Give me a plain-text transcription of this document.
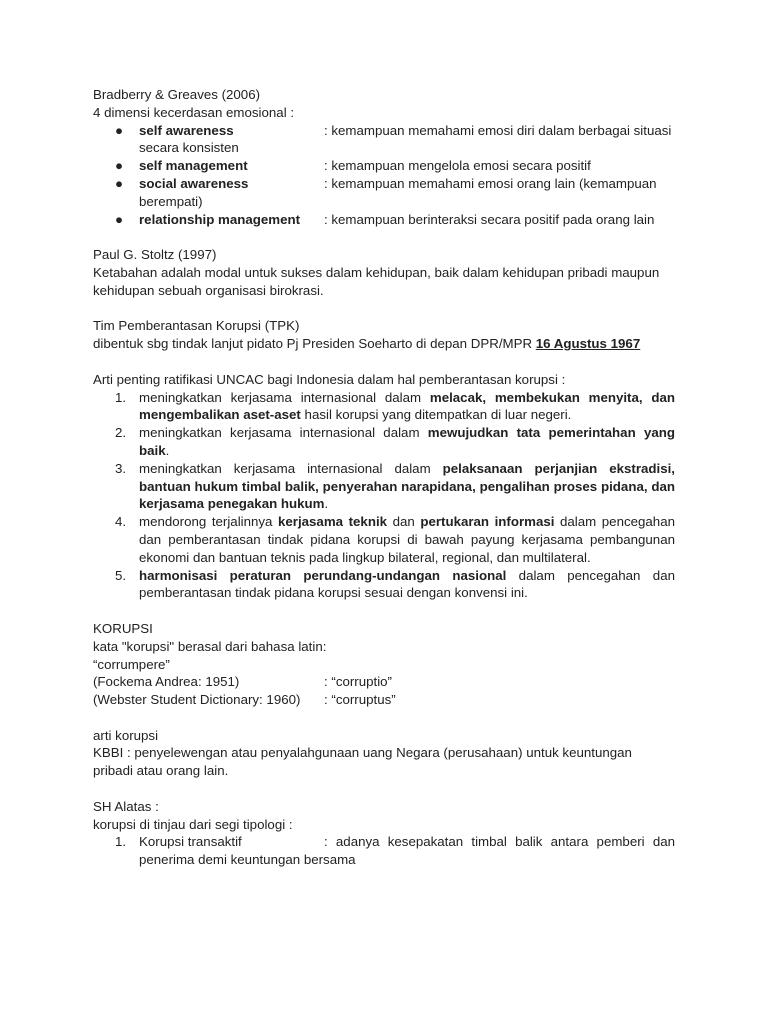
Bradberry & Greaves (2006)

4 dimensi kecerdasan emosional :

● self awareness	: kemampuan memahami emosi diri dalam berbagai situasi secara konsisten
● self management	: kemampuan mengelola emosi secara positif
● social awareness	: kemampuan memahami emosi orang lain (kemampuan berempati)
● relationship management : kemampuan berinteraksi secara positif pada orang lain

Paul G. Stoltz (1997)

Ketabahan adalah modal untuk sukses dalam kehidupan, baik dalam kehidupan pribadi maupun kehidupan sebuah organisasi birokrasi.

Tim Pemberantasan Korupsi (TPK)

dibentuk sbg tindak lanjut pidato Pj Presiden Soeharto di depan DPR/MPR 16 Agustus 1967

Arti penting ratifikasi UNCAC bagi Indonesia dalam hal pemberantasan korupsi :

1. meningkatkan kerjasama internasional dalam melacak, membekukan menyita, dan mengembalikan aset-aset hasil korupsi yang ditempatkan di luar negeri.
2. meningkatkan kerjasama internasional dalam mewujudkan tata pemerintahan yang baik.
3. meningkatkan kerjasama internasional dalam pelaksanaan perjanjian ekstradisi, bantuan hukum timbal balik, penyerahan narapidana, pengalihan proses pidana, dan kerjasama penegakan hukum.
4. mendorong terjalinnya kerjasama teknik dan pertukaran informasi dalam pencegahan dan pemberantasan tindak pidana korupsi di bawah payung kerjasama pembangunan ekonomi dan bantuan teknis pada lingkup bilateral, regional, dan multilateral.
5. harmonisasi peraturan perundang-undangan nasional dalam pencegahan dan pemberantasan tindak pidana korupsi sesuai dengan konvensi ini.

KORUPSI

kata "korupsi" berasal dari bahasa latin:

“corrumpere”

(Fockema Andrea: 1951)	: “corruptio”

(Webster Student Dictionary: 1960) : “corruptus”

arti korupsi

KBBI : penyelewengan atau penyalahgunaan uang Negara (perusahaan) untuk keuntungan pribadi atau orang lain.

SH Alatas :

korupsi di tinjau dari segi tipologi :

1. Korupsi transaktif	: adanya kesepakatan timbal balik antara pemberi dan penerima demi keuntungan bersama
